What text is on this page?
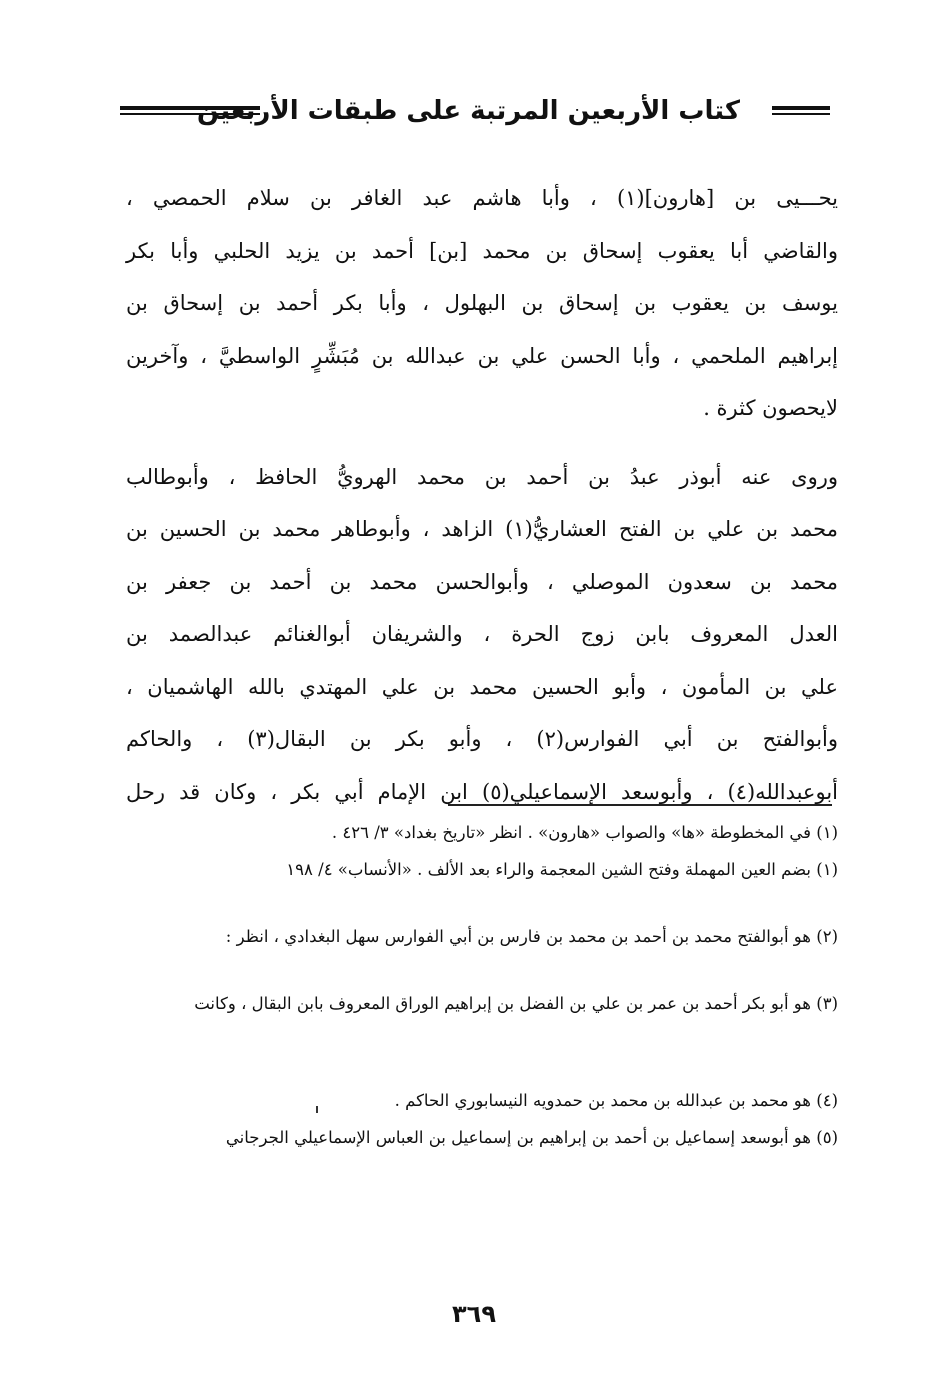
كتاب الأربعين المرتبة على طبقات الأربعين
يحـــيى بن [هارون](١) ، وأبا هاشم عبد الغافر بن سلام الحمصي ،
والقاضي أبا يعقوب إسحاق بن محمد [بن] أحمد بن يزيد الحلبي وأبا بكر
يوسف بن يعقوب بن إسحاق بن البهلول ، وأبا بكر أحمد بن إسحاق بن
إبراهيم الملحمي ، وأبا الحسن علي بن عبدالله بن مُبَشِّرٍ الواسطيَّ ، وآخرين
لايحصون كثرة .
وروى عنه أبوذر عبدُ بن أحمد بن محمد الهرويُّ الحافظ ، وأبوطالب
محمد بن علي بن الفتح العشاريُّ(١) الزاهد ، وأبوطاهر محمد بن الحسين بن
محمد بن سعدون الموصلي ، وأبوالحسن محمد بن أحمد بن جعفر بن
العدل المعروف بابن زوج الحرة ، والشريفان أبوالغنائم عبدالصمد بن
علي بن المأمون ، وأبو الحسين محمد بن علي المهتدي بالله الهاشميان ،
وأبوالفتح بن أبي الفوارس(٢) ، وأبو بكر بن البقال(٣) ، والحاكم
أبوعبدالله(٤) ، وأبوسعد الإسماعيلي(٥) ابن الإمام أبي بكر ، وكان قد رحل
(١) في المخطوطة «ها» والصواب «هارون» . انظر «تاريخ بغداد» ٣/ ٤٢٦ .
(١) بضم العين المهملة وفتح الشين المعجمة والراء بعد الألف . «الأنساب» ٤/ ١٩٨
(٢) هو أبوالفتح محمد بن أحمد بن محمد بن فارس بن أبي الفوارس سهل البغدادي ، انظر :
(٣) هو أبو بكر أحمد بن عمر بن علي بن الفضل بن إبراهيم الوراق المعروف بابن البقال ، وكانت
(٤) هو محمد بن عبدالله بن محمد بن حمدويه النيسابوري الحاكم .
(٥) هو أبوسعد إسماعيل بن أحمد بن إبراهيم بن إسماعيل بن العباس الإسماعيلي الجرجاني
٣٦٩
